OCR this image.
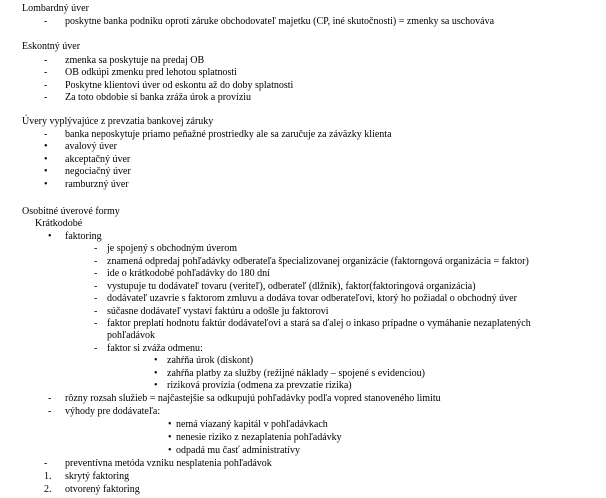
Lombardný úver
- poskytne banka podniku oproti záruke obchodovateľ majetku (CP, iné skutočnosti) = zmenky sa uschováva
Eskontný úver
- zmenka sa poskytuje na predaj OB
- OB odkúpi zmenku pred lehotou splatnosti
- Poskytne klientovi úver od eskontu až do doby splatnosti
- Za toto obdobie si banka zráža úrok a províziu
Úvery vyplývajúce z prevzatia bankovej záruky
- banka neposkytuje priamo peňažné prostriedky ale sa zaručuje za záväzky klienta
• avalový úver
• akceptačný úver
• negociačný úver
• ramburzný úver
Osobitné úverové formy
Krátkodobé
• faktoring
- je spojený s obchodným úverom
- znamená odpredaj pohľadávky odberateľa špecializovanej organizácie (faktorngová organizácia = faktor)
- ide o krátkodobé pohľadávky do 180 dní
- vystupuje tu dodávateľ tovaru (veriteľ), odberateľ (dlžník), faktor(faktoringová organizácia)
- dodávateľ uzavrie s faktorom zmluvu a dodáva tovar odberateľovi, ktorý ho požiadal o obchodný úver
- súčasne dodávateľ vystaví faktúru a odošle ju faktorovi
- faktor preplatí hodnotu faktúr dodávateľovi a stará sa ďalej o inkaso prípadne o vymáhanie nezaplatených
pohľadávok
- faktor si zváža odmenu:
• zahŕňa úrok (diskont)
• zahŕňa platby za služby (režijné náklady – spojené s evidenciou)
• riziková provízia (odmena za prevzatie rizika)
- rôzny rozsah služieb = najčastejšie sa odkupujú pohľadávky podľa vopred stanoveného limitu
- výhody pre dodávateľa:
• nemá viazaný kapitál v pohľadávkach
• nenesie riziko z nezaplatenia pohľadávky
• odpadá mu časť administratívy
- preventívna metóda vzniku nesplatenia pohľadávok
1. skrytý faktoring
2. otvorený faktoring
